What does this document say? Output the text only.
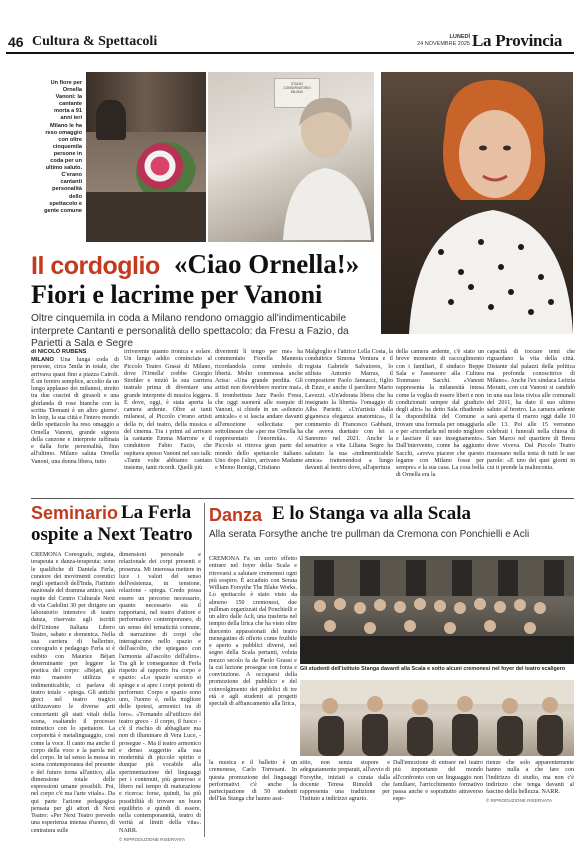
46 Cultura & Spettacoli	LUNEDÌ
24 NOVEMBRE 2025 La Provincia
Un fiore per Ornella Vanoni: la cantante morta a 91 anni ieri Milano le ha reso omaggio con oltre cinquemila persone in coda per un ultimo saluto. C'erano cantanti personalità dello spettacolo e gente comune
STUDIO CONSERVATORIO MILANO
Il cordoglio «Ciao Ornella!»
Fiori e lacrime per Vanoni
Oltre cinquemila in coda a Milano rendono omaggio all'indimenticabile interprete Cantanti e personalità dello spettacolo: da Fresu a Fazio, da Parietti a Sala e Segre
di NICOLÒ RUBENS
MILANO Una lunga coda di persone, circa 5mila in totale, che arrivava quasi fino a piazza Cairoli. È un feretro semplice, accolto da un lungo applauso dei milanesi, stretto tra due cuscini di girasoli e una ghirlanda di rose bianche con la scritta 'Domani è un altro giorno'. In loop, la sua città e l'intero mondo dello spettacolo ha reso omaggio a Ornella Vanoni, grande signora della canzone e interprete raffinata e dalla forte personalità, fino all'ultimo. Milano saluta Ornella Vanoni, una donna libera, tutto
irriverente quanto ironica e solare. Un lungo addio cominciato al Piccolo Teatro Grassi di Milano, dove l'Ornella' crebbe Giorgio Strehler e iniziò la sua carriera teatrale prima di diventare una grande interprete di musica leggera. È dove, oggi, è stata aperta la camera ardente. Oltre ai tanti milanesi, al Piccolo c'erano artisti della tv, del teatro, della musica e del cinema. Tra i primi ad arrivare la cantante Emma Marrone e il conduttore Fabio Fazio, che ospitava spesso Vanoni nel suo talk: «Tante volte abbiamo cantato insieme, tanti ricordi. Quelli più
divertenti li tengo per me» ha commentato Fiorella Mannoia ricordandola come simbolo di libertà. Molto commossa anche Arisa: «Una grande perdita. Gli artisti non dovrebbero morire mai». Il trombettista Jazz Paolo Fresu, che oggi suonerà alle esequie di Vanoni, si chiede in un «silenzio amicale» e si lascia andare davanti all'emozione sollecitata: per sottolineare che «per me Ornella ha rappresentato l'enormità». Al Piccolo si ritrova gran parte del mondo dello spettacolo italiano. Uno dopo l'altro, arrivano Madame e Memo Remigi, Cristiano
Malgioglio e l'attrice Lella Costa, la conduttrice Simona Ventura e il regista Gabriele Salvatores, lo stilista Antonio Marras, il compositore Paolo Jannacci, figlio di Enzo, e anche il paroliere Mario Lavezzi. «Un'adorata libera che ha insegnato la libertà» l'omaggio di Alba Parietti. «Un'artista dalla giganesca eleganza anatomica», il commento di Francesco Gabbani, che aveva duettato con lei a Sanremo nel 2021. Anche la senatrice a vita Liliana Segre ha salutato la sua «indimenticabile amica» trattenendosi a lungo davanti al feretro dove, all'apertura
della camera ardente, c'è stato un breve momento di raccoglimento con i familiari, il sindaco Beppe Sala e l'assessore alla Cultura Tommaso Sacchi. «Vanoni rappresenta la milanesità intesa come la voglia di essere liberi e non condizionati sempre dal giudizio degli altri» ha detto Sala ribadendo la disponibilità del Comune a trovare una formula per omaggiarla e per «ricordarla nel modo migliore e lasciare il suo insegnamento». Dall'intervento, come ha aggiunto Sacchi, «aveva piacere che questo legame con Milano fosse per sempre» e la sua casa. La cosa bella di Ornella era la
capacità di toccare temi che riguardano la vita della città. Distante dal palazzi della politica ma profonda conoscitrice di Milano». Anche l'ex sindaca Letizia Moratti, con cui Vanoni si candidò in una sua lista civica alle comunali del 2011, ha dato il suo ultimo saluto al feretro. La camera ardente sarà aperta il marzo oggi dalle 10 alle 13. Poi alle 15 verranno celebrati i funerali nella chiesa di San Marco nel quartiere di Brera dove viveva. Dal Piccolo Teatro risuonano nella testa di tutti le sue parole: «E uno dei quei giorni in cui ti prende la malinconia.
Seminario La Ferla
ospite a Next Teatro
CREMONA Coreografo, regista, terapeuta e danza-terapeuta: sono le qualifiche di Daniela Ferla, curatore dei movimenti coreutici negli spettacoli dell'Inda, l'istituto nazionale del dramma antico, sarà ospite del Centro Culturale Next di via Cadolini 30 per dirigere un laboratorio intensivo di teatro danza, riservato agli iscritti dell'Unione Italiana Libero Teatro, sabato e domenica. Nella sua carriera di ballerino, coreografo e pedagogo Ferla si è esibito con Maurice Béjart determinante per leggere la poetica del corpo: «Béjart, già mio maestro utilizza e indimenticabile, ci parlava di teatro totale - spiega. Gli antichi greci nel teatro tragico utilizzavano le diverse arti concertanti gli stati vitali della scena, esaltando il processo mimetico con lo spettatore. La corporeità è metalinguaggio, così come la voce. Il canto ma anche il corpo della voce e la parola nel del corpo. In tal senso la messa in scena contemporanea del presente e del futuro torna all'antico, alla dimensione totale delle espressioni umane possibili. Poi, nel corpo c'è ma l'arte vitale». Da qui parte l'azione pedagogica pensata per gli attori di Next Teatro: «Per Next Teatro prevedo una esperienza intensa d'uomo, di centratura sulle
dimensioni personale e relazionale dei corpi presenti e presenza. Mi interessa mettere in luce i valori del senso dell'esistenza, in tensione, relazione - spiega. Credo possa essere un percorso necessario, quanto necessario sia il rapportarsi, nel teatro d'attore e performativo contemporaneo, di un senso del tematicità comune, di narrazione di corpi che interagiscono nello spazio e dell'ascolto, che spiegano con l'armonia all'ascolto dell'altro». Tra gli le conseguenze di Ferla rispetto al rapporto fra corpo e spazio: «Lo spazio scenico si spinge e si apre i corpi potenti di performer. Corpo e spazio sono uno, l'uomo è, nella migliore delle ipotesi, armonici tra di loro». «Tornando all'utilizzo del teatro greco - il corpo, il fuoco - c'è il rischio di abbagliare ma non di illuminare di Vera Luce, - prosegue -. Ma il teatro armonico e denso suggerito alla sua modernità di piccolo spirito e dunque più vocabile alla sperimentazione del linguaggi per i contenuti, più generoso e libero nel tempo di maturazione e ricerca: forse, quindi, ha più possibilità di trovare un buon equilibrio e quindi di essere, nella contemporaneità, teatro di verità ai limiti della vita». NARR.
© RIPRODUZIONE RISERVATA
Danza E lo Stanga va alla Scala
Alla serata Forsythe anche tre pullman da Cremona con Ponchielli e Acli
CREMONA Fa un certo effetto entrare nel foyer della Scala e ritrovarsi a salutare cremonesi ogni più sospiro. È accaduto con Serata William Forsythe The Blake Works. Lo spettacolo è stato visto da almeno 150 cremonesi, due pullman organizzati dal Ponchielli e un altro dalle Acli, una trasferta nel tempio della lirica che ha visto oltre duecento appassionati del teatro menegatino di offerto come fruibile e aperto a pubblici diversi, nel segno della Scala pertanti, voluta mezzo secolo fa da Paolo Grassi e la cui lezione prosegue con forza e convinzione. A occuparsi della promozione del pubblico e del coinvolgimento dei pubblici di tre età e agli studenti ai progetti speciali di affiancamento alla lirica,
Gli studenti dell'istituto Stanga davanti alla Scala e sotto alcuni cremonesi nel foyer del teatro scaligero
la musica e il balletto è un cremonese, Carlo Torresani. In questa promozione del linguaggi performativi c'è anche la partecipazione di 50 studenti dell'Ias Stanga che hanno assi-
stito, non senza stupore e adeguatamente preparati, all'avvio di Forsythe, iniziati a curata dalla docente Teresa Rimoldi che rappresenta una tradizione per l'Istituto a indirizzo agrario.
Dall'emozione di entrare nel teatro più importante del mondo all'confronto con un linguaggio non familiare, l'arricchimento formativo passa anche e soprattutto attraverso espe-
rienze che solo apparentemente hanno nulla a che fare con l'indirizzo di studio, ma non c'è indirizzo che tenga davanti al fascino della bellezza. NARR.
© RIPRODUZIONE RISERVATA
